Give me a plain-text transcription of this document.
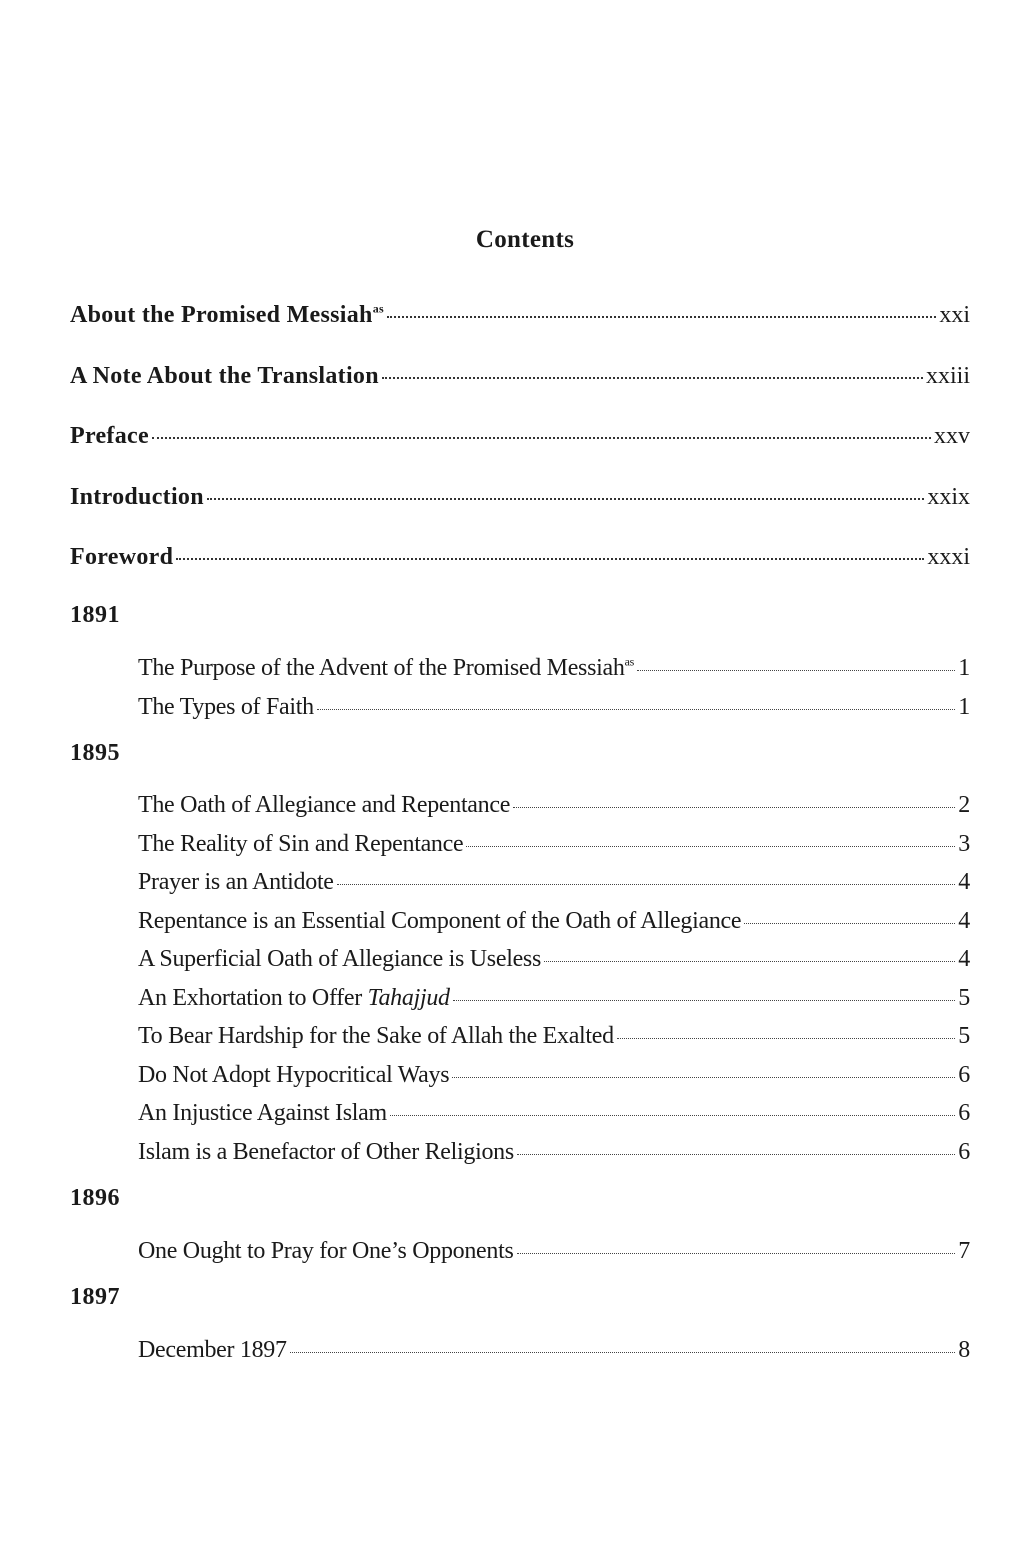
Contents
About the Promised Messiah$^{as}$	xxi
A Note About the Translation	xxiii
Preface	xxv
Introduction	xxix
Foreword	xxxi
1891
The Purpose of the Advent of the Promised Messiah$^{as}$	1
The Types of Faith	1
1895
The Oath of Allegiance and Repentance	2
The Reality of Sin and Repentance	3
Prayer is an Antidote	4
Repentance is an Essential Component of the Oath of Allegiance	4
A Superficial Oath of Allegiance is Useless	4
An Exhortation to Offer Tahajjud	5
To Bear Hardship for the Sake of Allah the Exalted	5
Do Not Adopt Hypocritical Ways	6
An Injustice Against Islam	6
Islam is a Benefactor of Other Religions	6
1896
One Ought to Pray for One’s Opponents	7
1897
December 1897	8
